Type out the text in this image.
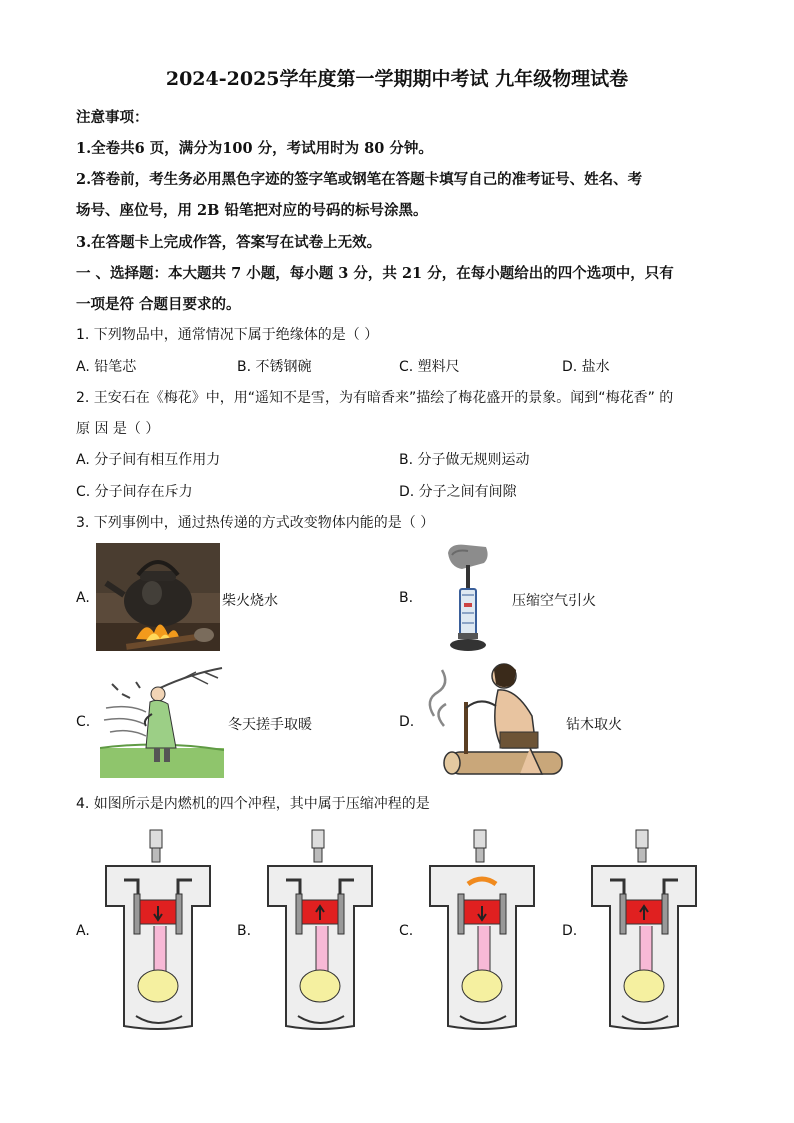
2024-2025学年度第一学期期中考试 九年级物理试卷
注意事项：
1.全卷共6 页，满分为100 分，考试用时为 80 分钟。
2.答卷前，考生务必用黑色字迹的签字笔或钢笔在答题卡填写自己的准考证号、姓名、考
场号、座位号，用 2B 铅笔把对应的号码的标号涂黑。
3.在答题卡上完成作答，答案写在试卷上无效。
一 、选择题：本大题共 7 小题，每小题 3 分，共 21 分，在每小题给出的四个选项中，只有
一项是符 合题目要求的。
1. 下列物品中，通常情况下属于绝缘体的是（ ）
A. 铅笔芯	B. 不锈钢碗	C. 塑料尺	D. 盐水
2. 王安石在《梅花》中，用“遥知不是雪，为有暗香来”描绘了梅花盛开的景象。闻到“梅花香” 的
原 因 是（ ）
A. 分子间有相互作用力	B. 分子做无规则运动
C. 分子间存在斥力	D. 分子之间有间隙
3. 下列事例中，通过热传递的方式改变物体内能的是（ ）
A.	柴火烧水	B.	压缩空气引火
C.	冬天搓手取暖	D.	钻木取火
4. 如图所示是内燃机的四个冲程，其中属于压缩冲程的是
A.	B.	C.	D.
